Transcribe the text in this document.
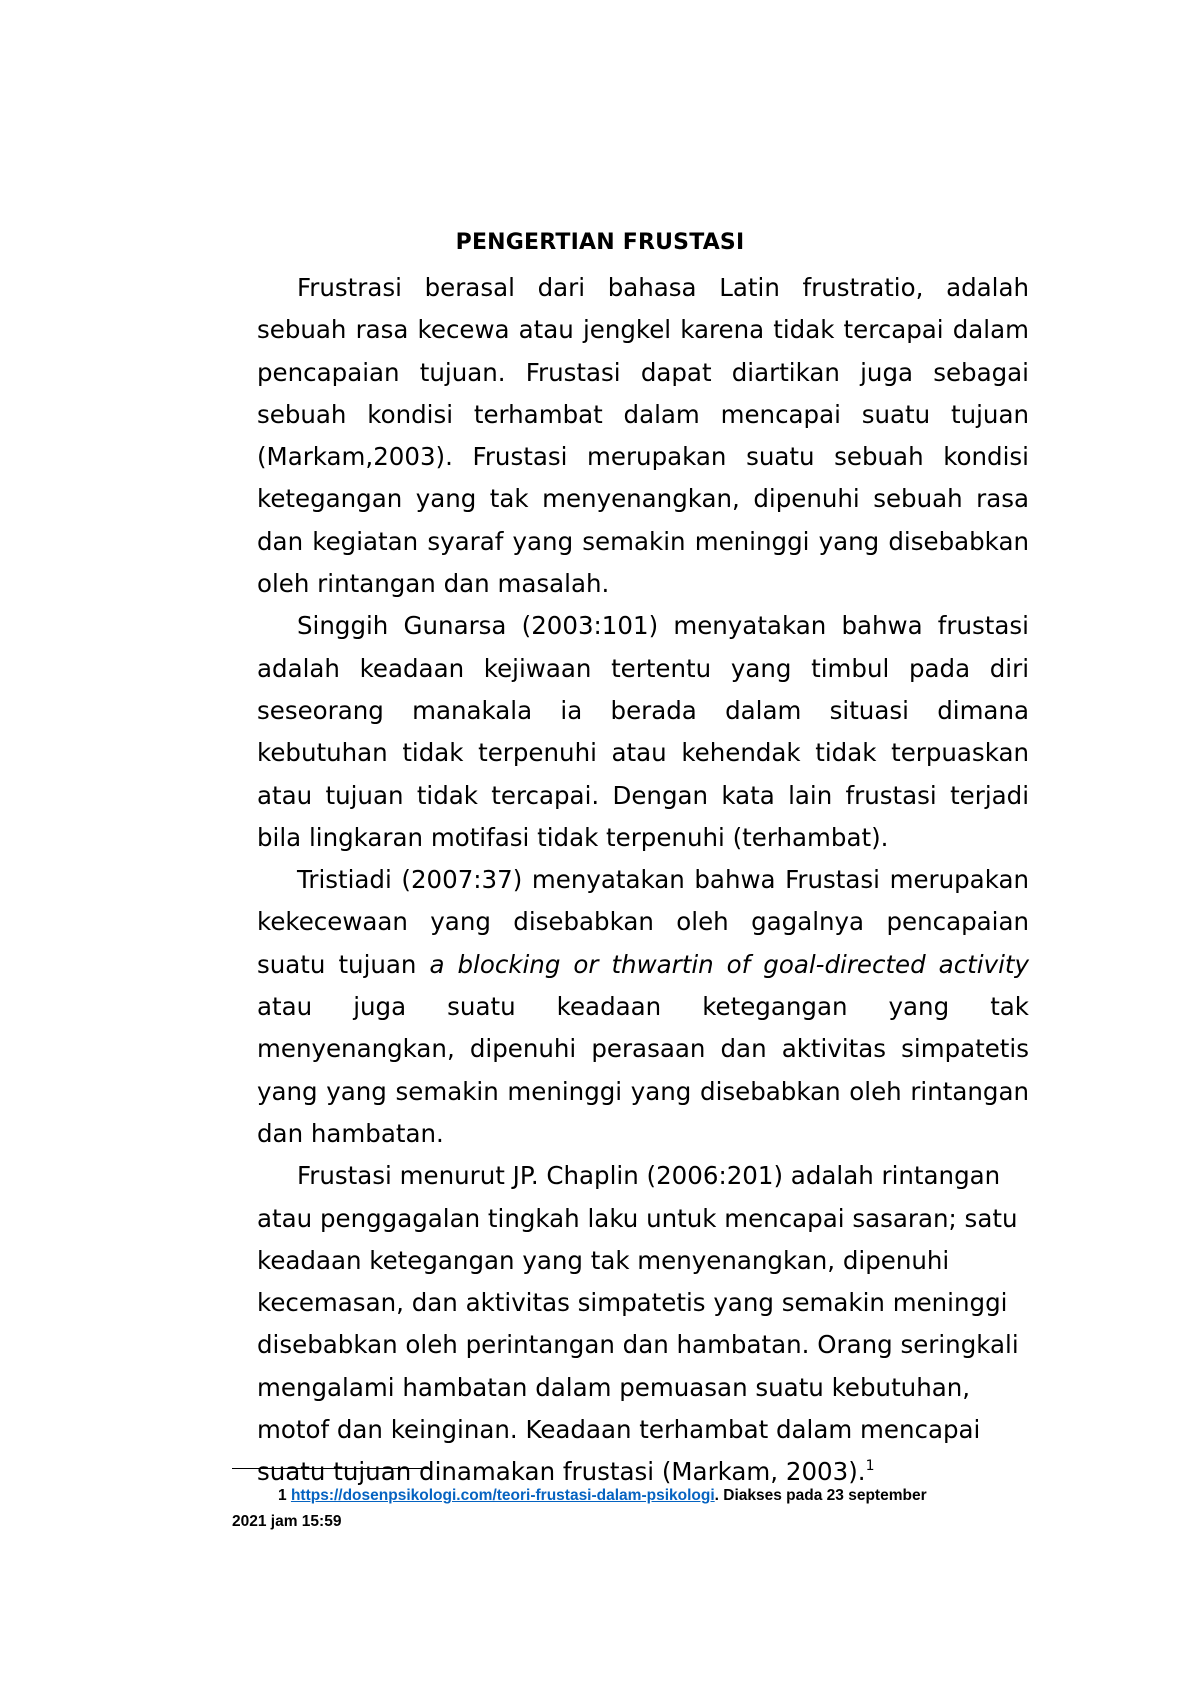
PENGERTIAN FRUSTASI

Frustrasi berasal dari bahasa Latin frustratio, adalah sebuah rasa kecewa atau jengkel karena tidak tercapai dalam pencapaian tujuan. Frustasi dapat diartikan juga sebagai sebuah kondisi terhambat dalam mencapai suatu tujuan (Markam,2003). Frustasi merupakan suatu sebuah kondisi ketegangan yang tak menyenangkan, dipenuhi sebuah rasa dan kegiatan syaraf yang semakin meninggi yang disebabkan oleh rintangan dan masalah.

Singgih Gunarsa (2003:101) menyatakan bahwa frustasi adalah keadaan kejiwaan tertentu yang timbul pada diri seseorang manakala ia berada dalam situasi dimana kebutuhan tidak terpenuhi atau kehendak tidak terpuaskan atau tujuan tidak tercapai. Dengan kata lain frustasi terjadi bila lingkaran motifasi tidak terpenuhi (terhambat).

Tristiadi (2007:37) menyatakan bahwa Frustasi merupakan kekecewaan yang disebabkan oleh gagalnya pencapaian suatu tujuan a blocking or thwartin of goal-directed activity atau juga suatu keadaan ketegangan yang tak menyenangkan, dipenuhi perasaan dan aktivitas simpatetis yang yang semakin meninggi yang disebabkan oleh rintangan dan hambatan.

Frustasi menurut JP. Chaplin (2006:201) adalah rintangan atau penggagalan tingkah laku untuk mencapai sasaran; satu keadaan ketegangan yang tak menyenangkan, dipenuhi kecemasan, dan aktivitas simpatetis yang semakin meninggi disebabkan oleh perintangan dan hambatan. Orang seringkali mengalami hambatan dalam pemuasan suatu kebutuhan, motof dan keinginan. Keadaan terhambat dalam mencapai suatu tujuan dinamakan frustasi (Markam, 2003).$^1$

1 https://dosenpsikologi.com/teori-frustasi-dalam-psikologi. Diakses pada 23 september
2021 jam 15:59
